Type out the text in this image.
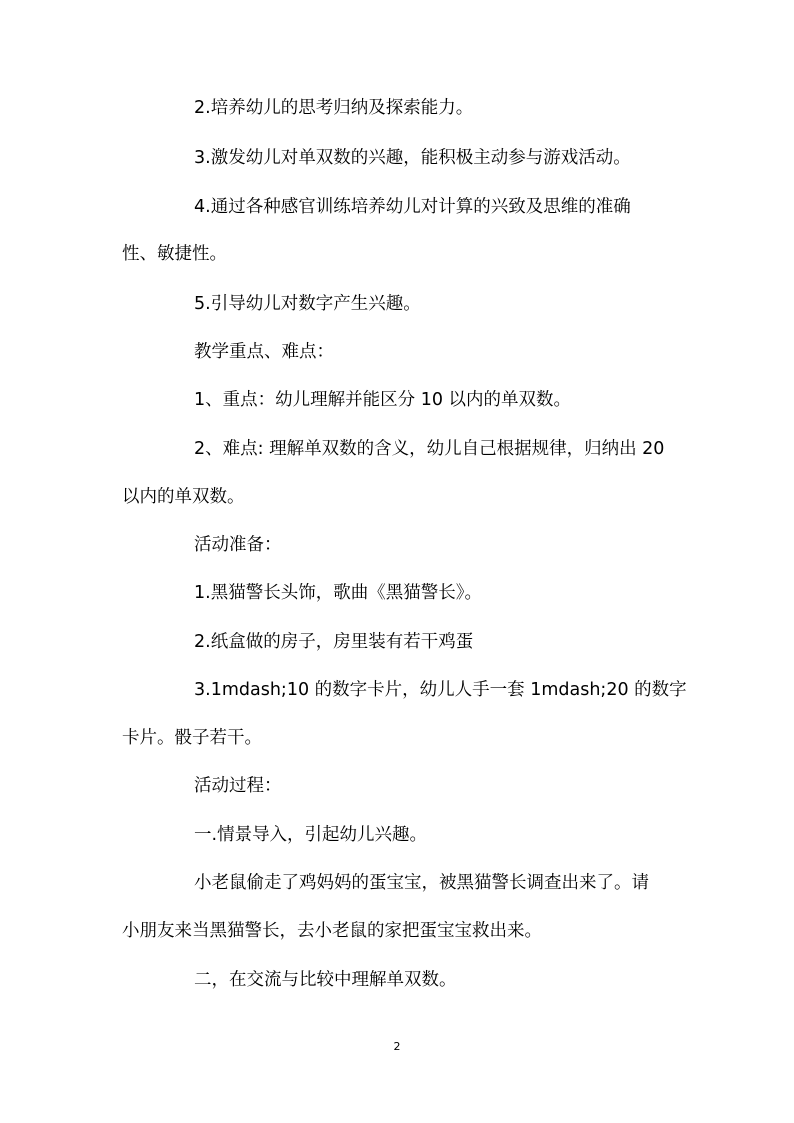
2.培养幼儿的思考归纳及探索能力。
3.激发幼儿对单双数的兴趣，能积极主动参与游戏活动。
4.通过各种感官训练培养幼儿对计算的兴致及思维的准确
性、敏捷性。
5.引导幼儿对数字产生兴趣。
教学重点、难点：
1、重点：幼儿理解并能区分 10 以内的单双数。
2、难点: 理解单双数的含义，幼儿自己根据规律，归纳出 20
以内的单双数。
活动准备：
1.黑猫警长头饰，歌曲《黑猫警长》。
2.纸盒做的房子，房里装有若干鸡蛋
3.1mdash;10 的数字卡片，幼儿人手一套 1mdash;20 的数字
卡片。骰子若干。
活动过程：
一.情景导入，引起幼儿兴趣。
小老鼠偷走了鸡妈妈的蛋宝宝，被黑猫警长调查出来了。请
小朋友来当黑猫警长，去小老鼠的家把蛋宝宝救出来。
二，在交流与比较中理解单双数。
2
